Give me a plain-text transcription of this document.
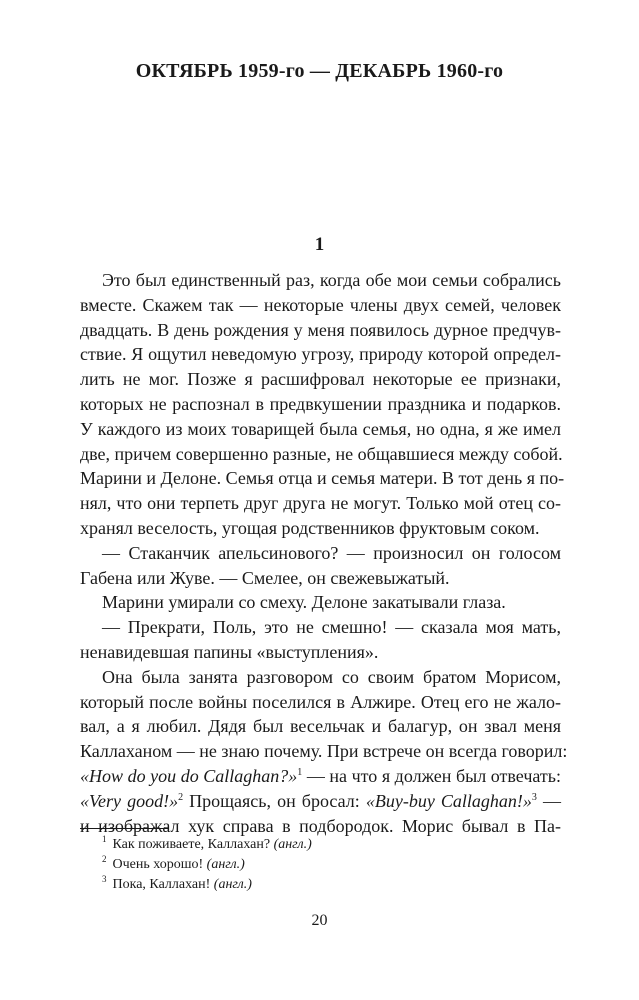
ОКТЯБРЬ 1959-го — ДЕКАБРЬ 1960-го
1
Это был единственный раз, когда обе мои семьи собрались
вместе. Скажем так — некоторые члены двух семей, человек
двадцать. В день рождения у меня появилось дурное предчув-
ствие. Я ощутил неведомую угрозу, природу которой определ-
лить не мог. Позже я расшифровал некоторые ее признаки,
которых не распознал в предвкушении праздника и подарков.
У каждого из моих товарищей была семья, но одна, я же имел
две, причем совершенно разные, не общавшиеся между собой.
Марини и Делоне. Семья отца и семья матери. В тот день я по-
нял, что они терпеть друг друга не могут. Только мой отец со-
хранял веселость, угощая родственников фруктовым соком.
— Стаканчик апельсинового? — произносил он голосом
Габена или Жуве. — Смелее, он свежевыжатый.
Марини умирали со смеху. Делоне закатывали глаза.
— Прекрати, Поль, это не смешно! — сказала моя мать,
ненавидевшая папины «выступления».
Она была занята разговором со своим братом Морисом,
который после войны поселился в Алжире. Отец его не жало-
вал, а я любил. Дядя был весельчак и балагур, он звал меня
Каллаханом — не знаю почему. При встрече он всегда говорил:
«How do you do Callaghan?»$^1$ — на что я должен был отвечать:
«Very good!»$^2$ Прощаясь, он бросал: «Buy-buy Callaghan!»$^3$ —
и изображал хук справа в подбородок. Морис бывал в Па-
$^1$ Как поживаете, Каллахан? (англ.)
$^2$ Очень хорошо! (англ.)
$^3$ Пока, Каллахан! (англ.)
20
